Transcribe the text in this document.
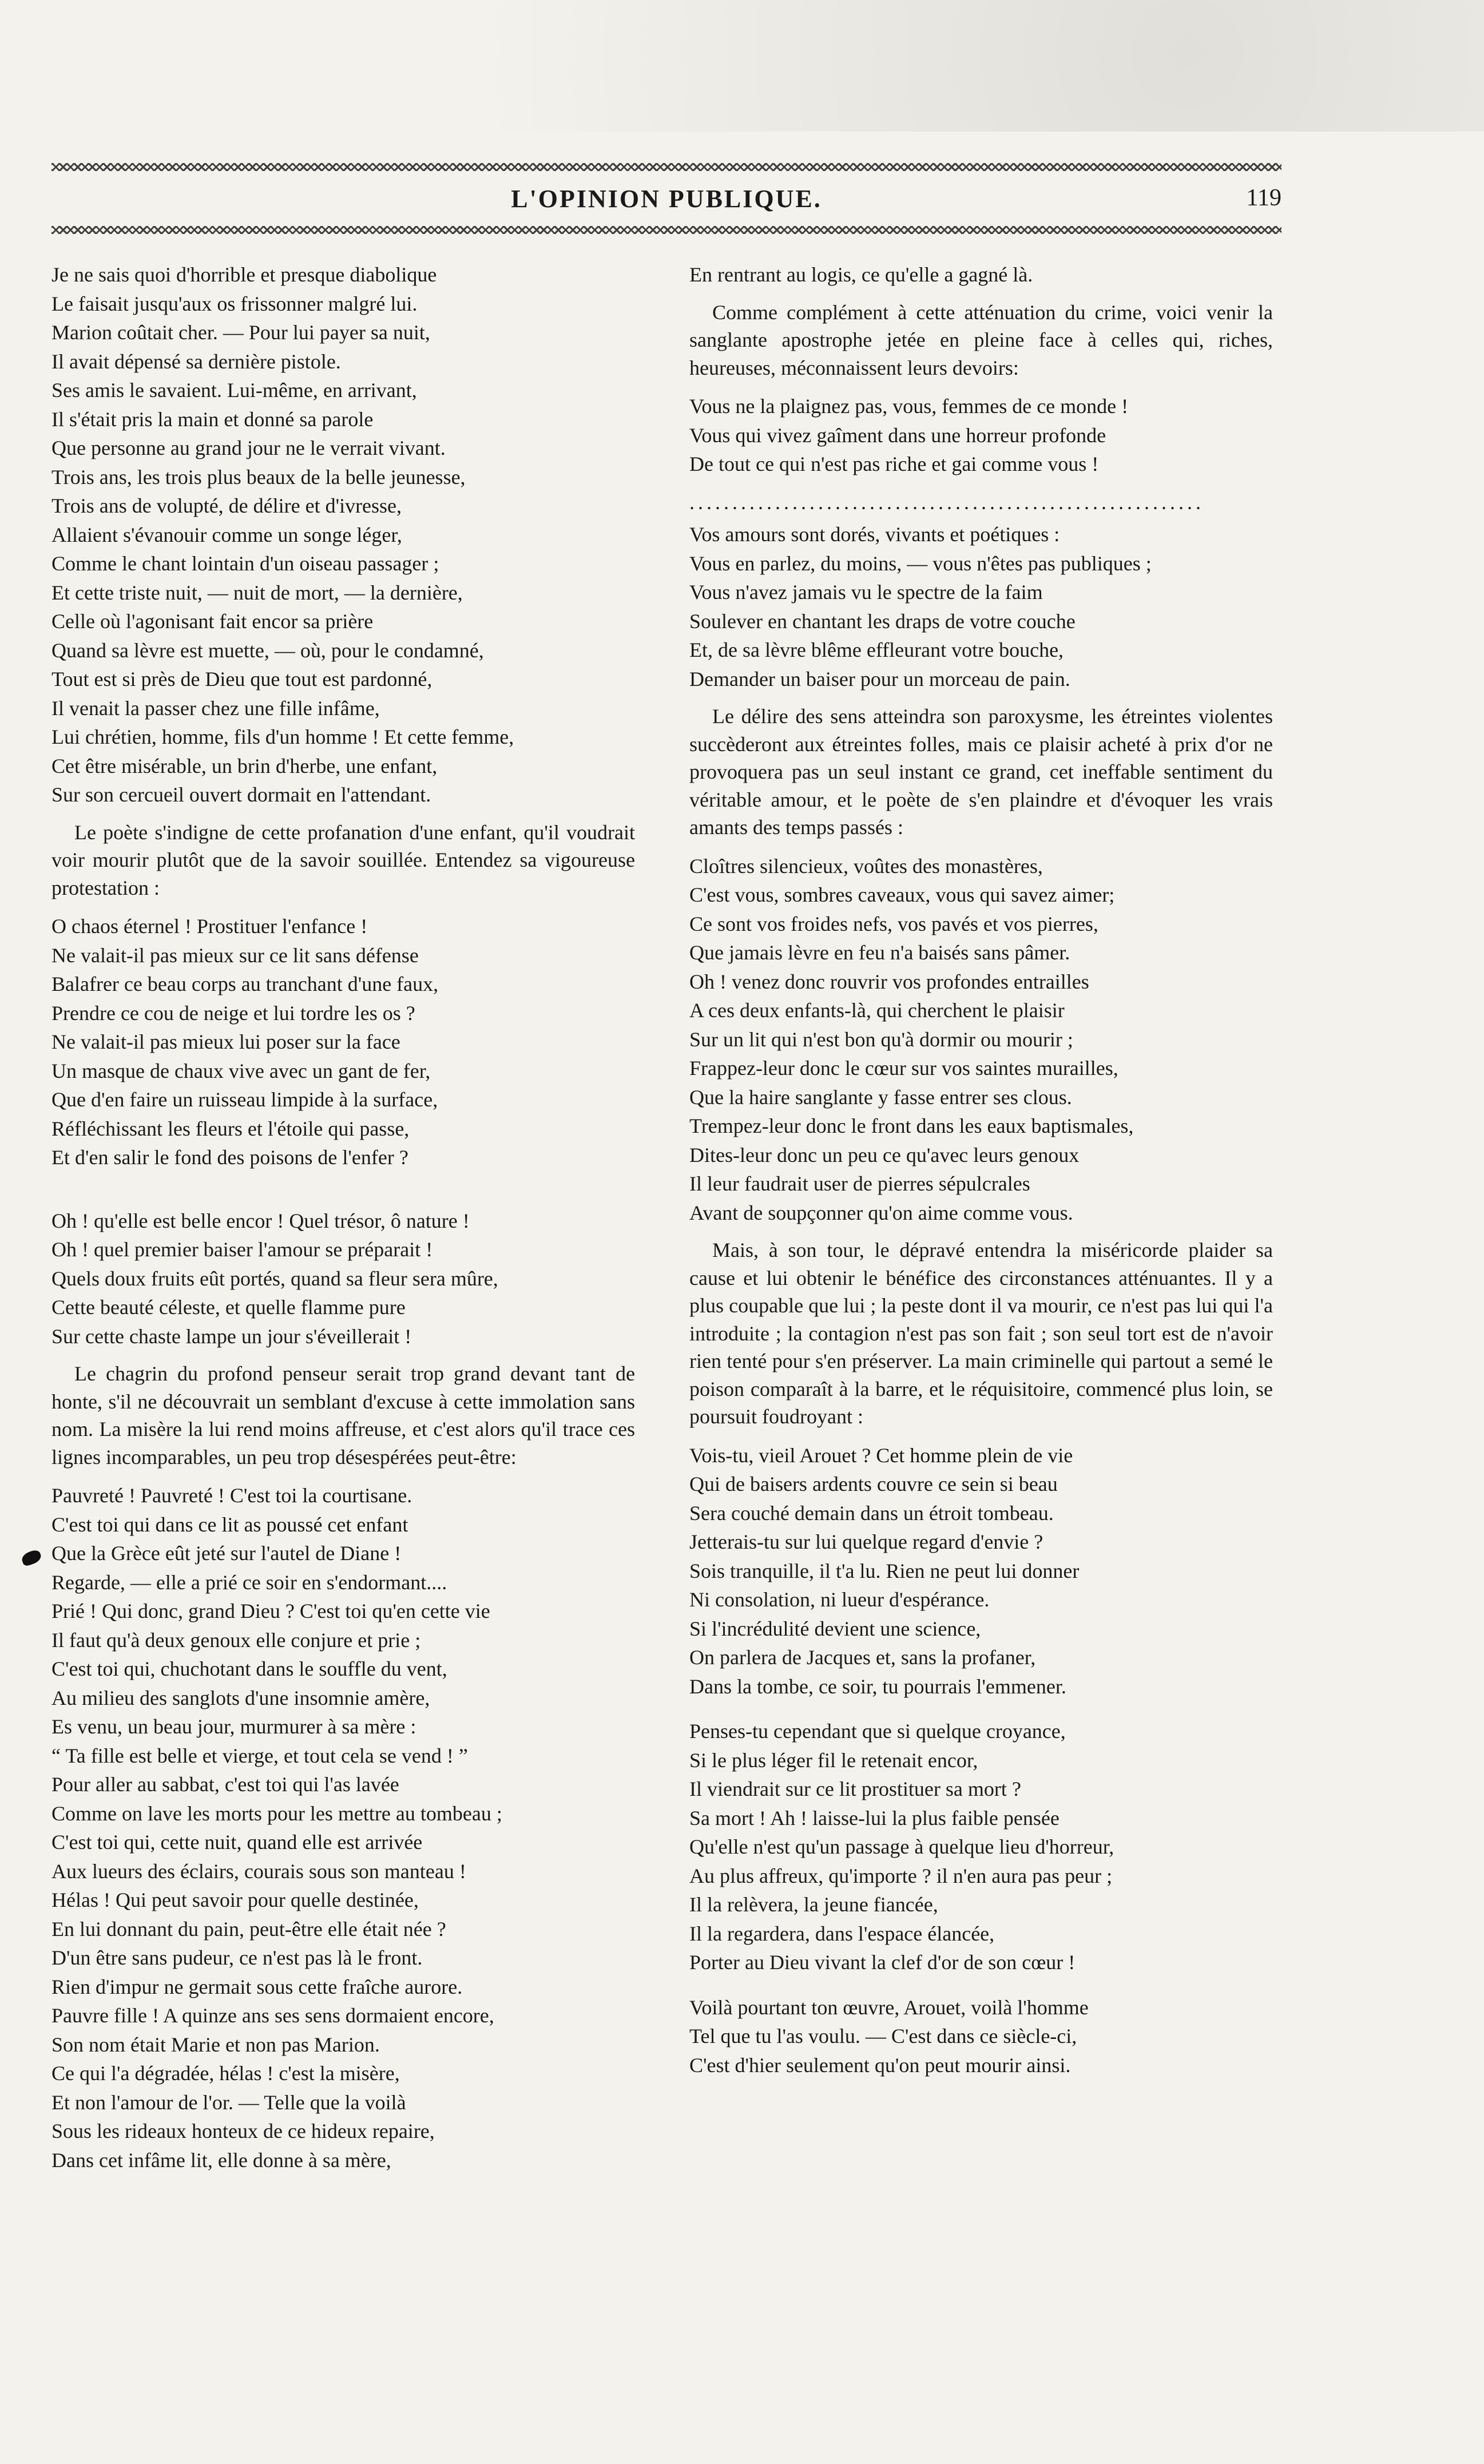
L'OPINION PUBLIQUE.	119
Je ne sais quoi d'horrible et presque diabolique
Le faisait jusqu'aux os frissonner malgré lui.
Marion coûtait cher. — Pour lui payer sa nuit,
Il avait dépensé sa dernière pistole.
Ses amis le savaient. Lui-même, en arrivant,
Il s'était pris la main et donné sa parole
Que personne au grand jour ne le verrait vivant.
Trois ans, les trois plus beaux de la belle jeunesse,
Trois ans de volupté, de délire et d'ivresse,
Allaient s'évanouir comme un songe léger,
Comme le chant lointain d'un oiseau passager ;
Et cette triste nuit, — nuit de mort, — la dernière,
Celle où l'agonisant fait encor sa prière
Quand sa lèvre est muette, — où, pour le condamné,
Tout est si près de Dieu que tout est pardonné,
Il venait la passer chez une fille infâme,
Lui chrétien, homme, fils d'un homme ! Et cette femme,
Cet être misérable, un brin d'herbe, une enfant,
Sur son cercueil ouvert dormait en l'attendant.

Le poète s'indigne de cette profanation d'une enfant, qu'il voudrait voir mourir plutôt que de la savoir souillée. Entendez sa vigoureuse protestation :

O chaos éternel ! Prostituer l'enfance !
Ne valait-il pas mieux sur ce lit sans défense
Balafrer ce beau corps au tranchant d'une faux,
Prendre ce cou de neige et lui tordre les os ?
Ne valait-il pas mieux lui poser sur la face
Un masque de chaux vive avec un gant de fer,
Que d'en faire un ruisseau limpide à la surface,
Réfléchissant les fleurs et l'étoile qui passe,
Et d'en salir le fond des poisons de l'enfer ?
Oh ! qu'elle est belle encor ! Quel trésor, ô nature !
Oh ! quel premier baiser l'amour se préparait !
Quels doux fruits eût portés, quand sa fleur sera mûre,
Cette beauté céleste, et quelle flamme pure
Sur cette chaste lampe un jour s'éveillerait !

Le chagrin du profond penseur serait trop grand devant tant de honte, s'il ne découvrait un semblant d'excuse à cette immolation sans nom. La misère la lui rend moins affreuse, et c'est alors qu'il trace ces lignes incomparables, un peu trop désespérées peut-être:

Pauvreté ! Pauvreté ! C'est toi la courtisane.
C'est toi qui dans ce lit as poussé cet enfant
Que la Grèce eût jeté sur l'autel de Diane !
Regarde, — elle a prié ce soir en s'endormant....
Prié ! Qui donc, grand Dieu ? C'est toi qu'en cette vie
Il faut qu'à deux genoux elle conjure et prie ;
C'est toi qui, chuchotant dans le souffle du vent,
Au milieu des sanglots d'une insomnie amère,
Es venu, un beau jour, murmurer à sa mère :
“ Ta fille est belle et vierge, et tout cela se vend ! ”
Pour aller au sabbat, c'est toi qui l'as lavée
Comme on lave les morts pour les mettre au tombeau ;
C'est toi qui, cette nuit, quand elle est arrivée
Aux lueurs des éclairs, courais sous son manteau !
Hélas ! Qui peut savoir pour quelle destinée,
En lui donnant du pain, peut-être elle était née ?
D'un être sans pudeur, ce n'est pas là le front.
Rien d'impur ne germait sous cette fraîche aurore.
Pauvre fille ! A quinze ans ses sens dormaient encore,
Son nom était Marie et non pas Marion.
Ce qui l'a dégradée, hélas ! c'est la misère,
Et non l'amour de l'or. — Telle que la voilà
Sous les rideaux honteux de ce hideux repaire,
Dans cet infâme lit, elle donne à sa mère,
En rentrant au logis, ce qu'elle a gagné là.

Comme complément à cette atténuation du crime, voici venir la sanglante apostrophe jetée en pleine face à celles qui, riches, heureuses, méconnaissent leurs devoirs:

Vous ne la plaignez pas, vous, femmes de ce monde !
Vous qui vivez gaîment dans une horreur profonde
De tout ce qui n'est pas riche et gai comme vous !
............................................................
Vos amours sont dorés, vivants et poétiques :
Vous en parlez, du moins, — vous n'êtes pas publiques ;
Vous n'avez jamais vu le spectre de la faim
Soulever en chantant les draps de votre couche
Et, de sa lèvre blême effleurant votre bouche,
Demander un baiser pour un morceau de pain.

Le délire des sens atteindra son paroxysme, les étreintes violentes succèderont aux étreintes folles, mais ce plaisir acheté à prix d'or ne provoquera pas un seul instant ce grand, cet ineffable sentiment du véritable amour, et le poète de s'en plaindre et d'évoquer les vrais amants des temps passés :

Cloîtres silencieux, voûtes des monastères,
C'est vous, sombres caveaux, vous qui savez aimer;
Ce sont vos froides nefs, vos pavés et vos pierres,
Que jamais lèvre en feu n'a baisés sans pâmer.
Oh ! venez donc rouvrir vos profondes entrailles
A ces deux enfants-là, qui cherchent le plaisir
Sur un lit qui n'est bon qu'à dormir ou mourir ;
Frappez-leur donc le cœur sur vos saintes murailles,
Que la haire sanglante y fasse entrer ses clous.
Trempez-leur donc le front dans les eaux baptismales,
Dites-leur donc un peu ce qu'avec leurs genoux
Il leur faudrait user de pierres sépulcrales
Avant de soupçonner qu'on aime comme vous.

Mais, à son tour, le dépravé entendra la miséricorde plaider sa cause et lui obtenir le bénéfice des circonstances atténuantes. Il y a plus coupable que lui ; la peste dont il va mourir, ce n'est pas lui qui l'a introduite ; la contagion n'est pas son fait ; son seul tort est de n'avoir rien tenté pour s'en préserver. La main criminelle qui partout a semé le poison comparaît à la barre, et le réquisitoire, commencé plus loin, se poursuit foudroyant :

Vois-tu, vieil Arouet ? Cet homme plein de vie
Qui de baisers ardents couvre ce sein si beau
Sera couché demain dans un étroit tombeau.
Jetterais-tu sur lui quelque regard d'envie ?
Sois tranquille, il t'a lu. Rien ne peut lui donner
Ni consolation, ni lueur d'espérance.
Si l'incrédulité devient une science,
On parlera de Jacques et, sans la profaner,
Dans la tombe, ce soir, tu pourrais l'emmener.
Penses-tu cependant que si quelque croyance,
Si le plus léger fil le retenait encor,
Il viendrait sur ce lit prostituer sa mort ?
Sa mort ! Ah ! laisse-lui la plus faible pensée
Qu'elle n'est qu'un passage à quelque lieu d'horreur,
Au plus affreux, qu'importe ? il n'en aura pas peur ;
Il la relèvera, la jeune fiancée,
Il la regardera, dans l'espace élancée,
Porter au Dieu vivant la clef d'or de son cœur !
Voilà pourtant ton œuvre, Arouet, voilà l'homme
Tel que tu l'as voulu. — C'est dans ce siècle-ci,
C'est d'hier seulement qu'on peut mourir ainsi.
